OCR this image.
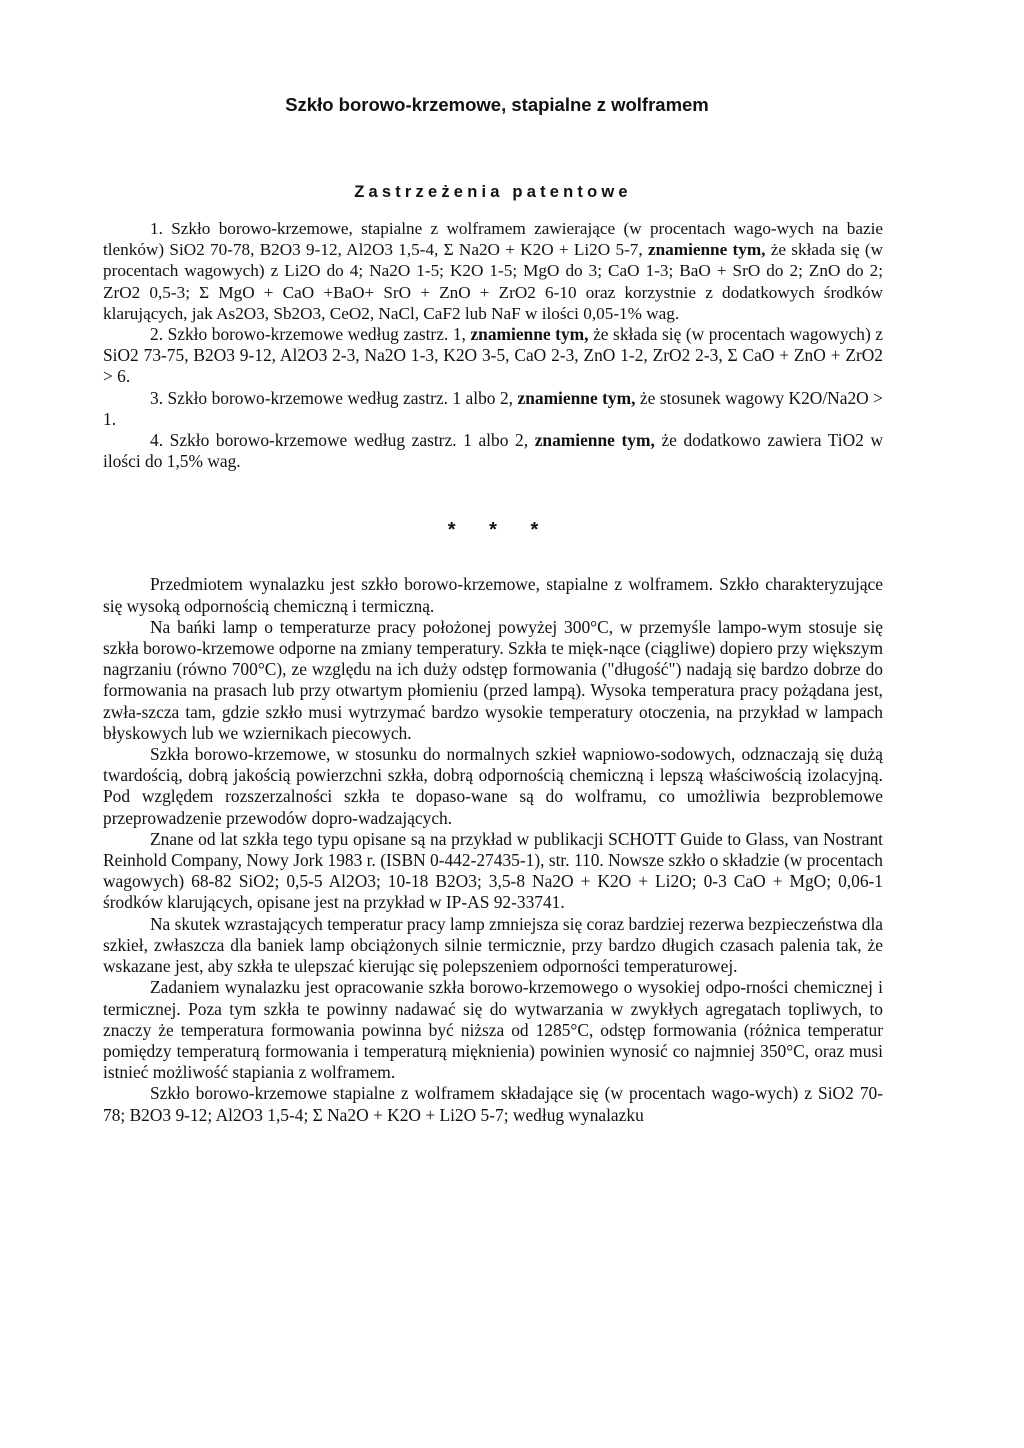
Szkło borowo-krzemowe, stapialne z wolframem
Zastrzeżenia patentowe

1. Szkło borowo-krzemowe, stapialne z wolframem zawierające (w procentach wago-wych na bazie tlenków) SiO2 70-78, B2O3 9-12, Al2O3 1,5-4, Σ Na2O + K2O + Li2O 5-7, znamienne tym, że składa się (w procentach wagowych) z Li2O do 4; Na2O 1-5; K2O 1-5; MgO do 3; CaO 1-3; BaO + SrO do 2; ZnO do 2; ZrO2 0,5-3; Σ MgO + CaO +BaO+ SrO + ZnO + ZrO2 6-10 oraz korzystnie z dodatkowych środków klarujących, jak As2O3, Sb2O3, CeO2, NaCl, CaF2 lub NaF w ilości 0,05-1% wag.

2. Szkło borowo-krzemowe według zastrz. 1, znamienne tym, że składa się (w procentach wagowych) z SiO2 73-75, B2O3 9-12, Al2O3 2-3, Na2O 1-3, K2O 3-5, CaO 2-3, ZnO 1-2, ZrO2 2-3, Σ CaO + ZnO + ZrO2 > 6.

3. Szkło borowo-krzemowe według zastrz. 1 albo 2, znamienne tym, że stosunek wagowy K2O/Na2O > 1.

4. Szkło borowo-krzemowe według zastrz. 1 albo 2, znamienne tym, że dodatkowo zawiera TiO2 w ilości do 1,5% wag.

* * *

Przedmiotem wynalazku jest szkło borowo-krzemowe, stapialne z wolframem. Szkło charakteryzujące się wysoką odpornością chemiczną i termiczną.

Na bańki lamp o temperaturze pracy położonej powyżej 300°C, w przemyśle lampo-wym stosuje się szkła borowo-krzemowe odporne na zmiany temperatury. Szkła te mięk-nące (ciągliwe) dopiero przy większym nagrzaniu (równo 700°C), ze względu na ich duży odstęp formowania ("długość") nadają się bardzo dobrze do formowania na prasach lub przy otwartym płomieniu (przed lampą). Wysoka temperatura pracy pożądana jest, zwła-szcza tam, gdzie szkło musi wytrzymać bardzo wysokie temperatury otoczenia, na przykład w lampach błyskowych lub we wziernikach piecowych.

Szkła borowo-krzemowe, w stosunku do normalnych szkieł wapniowo-sodowych, odznaczają się dużą twardością, dobrą jakością powierzchni szkła, dobrą odpornością chemiczną i lepszą właściwością izolacyjną. Pod względem rozszerzalności szkła te dopaso-wane są do wolframu, co umożliwia bezproblemowe przeprowadzenie przewodów dopro-wadzających.

Znane od lat szkła tego typu opisane są na przykład w publikacji SCHOTT Guide to Glass, van Nostrant Reinhold Company, Nowy Jork 1983 r. (ISBN 0-442-27435-1), str. 110. Nowsze szkło o składzie (w procentach wagowych) 68-82 SiO2; 0,5-5 Al2O3; 10-18 B2O3; 3,5-8 Na2O + K2O + Li2O; 0-3 CaO + MgO; 0,06-1 środków klarujących, opisane jest na przykład w IP-AS 92-33741.

Na skutek wzrastających temperatur pracy lamp zmniejsza się coraz bardziej rezerwa bezpieczeństwa dla szkieł, zwłaszcza dla baniek lamp obciążonych silnie termicznie, przy bardzo długich czasach palenia tak, że wskazane jest, aby szkła te ulepszać kierując się polepszeniem odporności temperaturowej.

Zadaniem wynalazku jest opracowanie szkła borowo-krzemowego o wysokiej odpo-rności chemicznej i termicznej. Poza tym szkła te powinny nadawać się do wytwarzania w zwykłych agregatach topliwych, to znaczy że temperatura formowania powinna być niższa od 1285°C, odstęp formowania (różnica temperatur pomiędzy temperaturą formowania i temperaturą mięknienia) powinien wynosić co najmniej 350°C, oraz musi istnieć możliwość stapiania z wolframem.

Szkło borowo-krzemowe stapialne z wolframem składające się (w procentach wago-wych) z SiO2 70-78; B2O3 9-12; Al2O3 1,5-4; Σ Na2O + K2O + Li2O 5-7; według wynalazku
